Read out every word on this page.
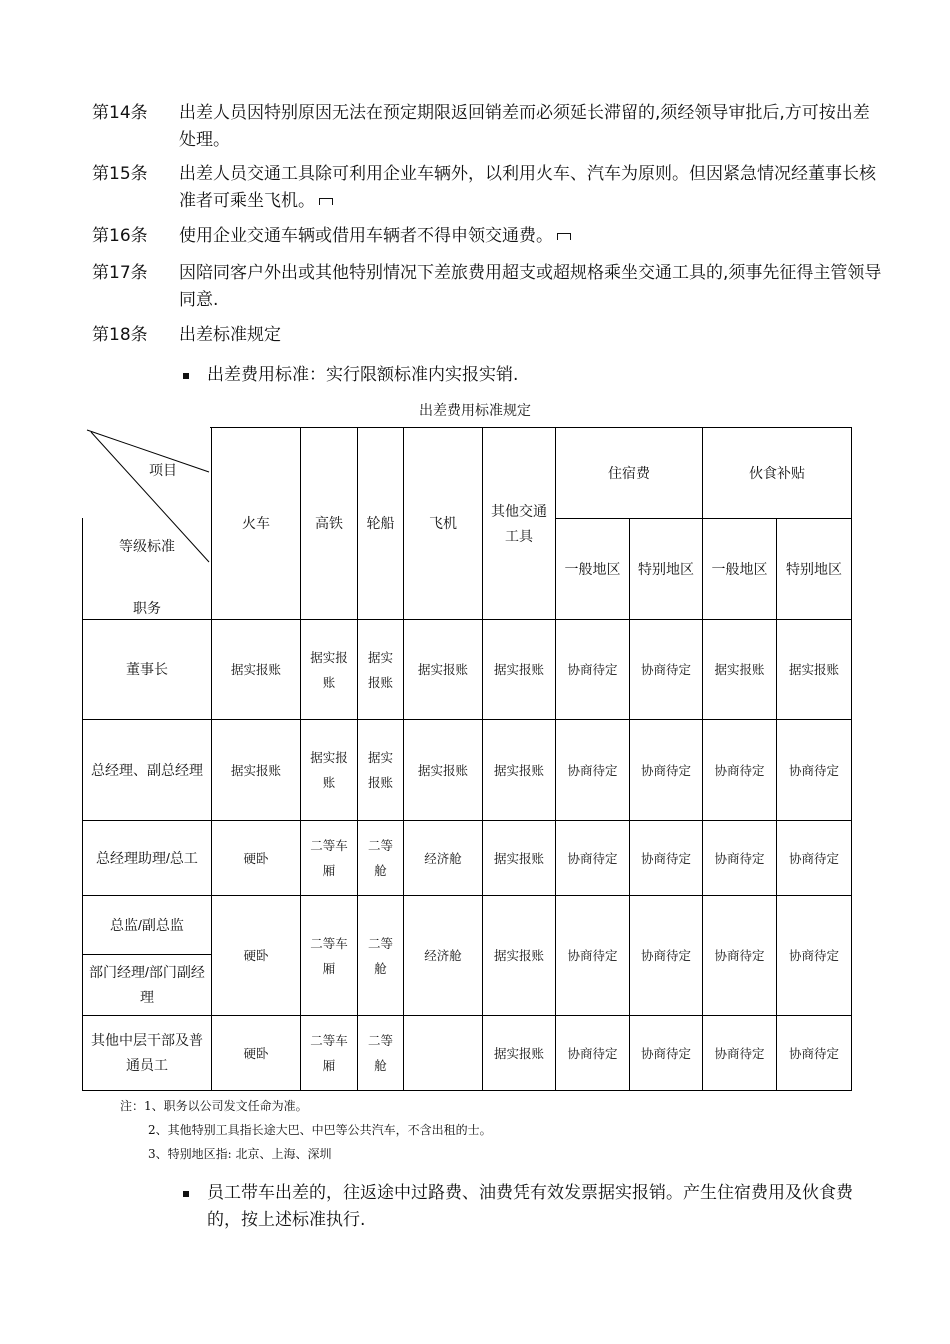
第14条 出差人员因特别原因无法在预定期限返回销差而必须延长滞留的,须经领导审批后,方可按出差处理。
第15条 出差人员交通工具除可利用企业车辆外，以利用火车、汽车为原则。但因紧急情况经董事长核准者可乘坐飞机。
第16条 使用企业交通车辆或借用车辆者不得申领交通费。
第17条 因陪同客户外出或其他特别情况下差旅费用超支或超规格乘坐交通工具的,须事先征得主管领导同意.
第18条 出差标准规定
出差费用标准：实行限额标准内实报实销.
出差费用标准规定
项目
等级标准
职务	火车	高铁	轮船	飞机	其他交通工具	住宿费		伙食补贴	
						一般地区	特别地区	一般地区	特别地区
董事长	据实报账	据实报账	据实报账	据实报账	据实报账	协商待定	协商待定	据实报账	据实报账
总经理、副总经理	据实报账	据实报账	据实报账	据实报账	据实报账	协商待定	协商待定	协商待定	协商待定
总经理助理/总工	硬卧	二等车厢	二等舱	经济舱	据实报账	协商待定	协商待定	协商待定	协商待定
总监/副总监	硬卧	二等车厢	二等舱	经济舱	据实报账	协商待定	协商待定	协商待定	协商待定
部门经理/部门副经理									
其他中层干部及普通员工	硬卧	二等车厢	二等舱		据实报账	协商待定	协商待定	协商待定	协商待定
注：1、职务以公司发文任命为准。
2、其他特别工具指长途大巴、中巴等公共汽车，不含出租的士。
3、特别地区指: 北京、上海、深圳
员工带车出差的，往返途中过路费、油费凭有效发票据实报销。产生住宿费用及伙食费的，按上述标准执行.
